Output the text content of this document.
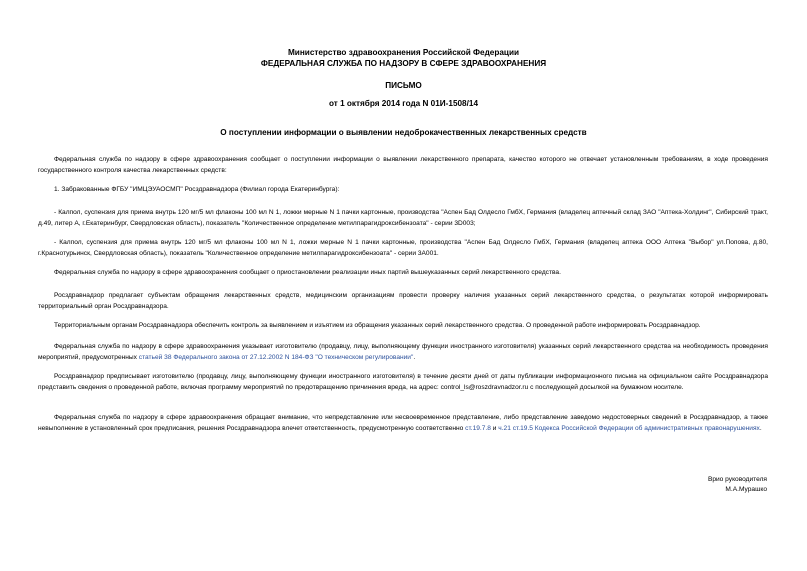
Министерство здравоохранения Российской Федерации
ФЕДЕРАЛЬНАЯ СЛУЖБА ПО НАДЗОРУ В СФЕРЕ ЗДРАВООХРАНЕНИЯ
ПИСЬМО
от 1 октября 2014 года N 01И-1508/14
О поступлении информации о выявлении недоброкачественных лекарственных средств
Федеральная служба по надзору в сфере здравоохранения сообщает о поступлении информации о выявлении лекарственного препарата, качество которого не отвечает установленным требованиям, в ходе проведения государственного контроля качества лекарственных средств:
1. Забракованные ФГБУ "ИМЦЭУАОСМП" Росздравнадзора (Филиал города Екатеринбурга):
- Калпол, суспензия для приема внутрь 120 мг/5 мл флаконы 100 мл N 1, ложки мерные N 1 пачки картонные, производства "Аспен Бад Олдесло ГмбХ, Германия (владелец аптечный склад ЗАО "Аптека-Холдинг", Сибирский тракт, д.49, литер А, г.Екатеринбург, Свердловская область), показатель "Количественное определение метилпарагидроксибензоата" - серии 3D003;
- Калпол, суспензия для приема внутрь 120 мг/5 мл флаконы 100 мл N 1, ложки мерные N 1 пачки картонные, производства "Аспен Бад Олдесло ГмбХ, Германия (владелец аптека ООО Аптека "Выбор" ул.Попова, д.80, г.Краснотурьинск, Свердловская область), показатель "Количественное определение метилпарагидроксибензоата" - серии 3А001.
Федеральная служба по надзору в сфере здравоохранения сообщает о приостановлении реализации иных партий вышеуказанных серий лекарственного средства.
Росздравнадзор предлагает субъектам обращения лекарственных средств, медицинским организациям провести проверку наличия указанных серий лекарственного средства, о результатах которой информировать территориальный орган Росздравнадзора.
Территориальным органам Росздравнадзора обеспечить контроль за выявлением и изъятием из обращения указанных серий лекарственного средства. О проведенной работе информировать Росздравнадзор.
Федеральная служба по надзору в сфере здравоохранения указывает изготовителю (продавцу, лицу, выполняющему функции иностранного изготовителя) указанных серий лекарственного средства на необходимость проведения мероприятий, предусмотренных статьей 38 Федерального закона от 27.12.2002 N 184-ФЗ "О техническом регулировании".
Росздравнадзор предписывает изготовителю (продавцу, лицу, выполняющему функции иностранного изготовителя) в течение десяти дней от даты публикации информационного письма на официальном сайте Росздравнадзора представить сведения о проведенной работе, включая программу мероприятий по предотвращению причинения вреда, на адрес: control_ls@roszdravnadzor.ru с последующей досылкой на бумажном носителе.
Федеральная служба по надзору в сфере здравоохранения обращает внимание, что непредставление или несвоевременное представление, либо представление заведомо недостоверных сведений в Росздравнадзор, а также невыполнение в установленный срок предписания, решения Росздравнадзора влечет ответственность, предусмотренную соответственно ст.19.7.8 и ч.21 ст.19.5 Кодекса Российской Федерации об административных правонарушениях.
Врио руководителя
М.А.Мурашко
